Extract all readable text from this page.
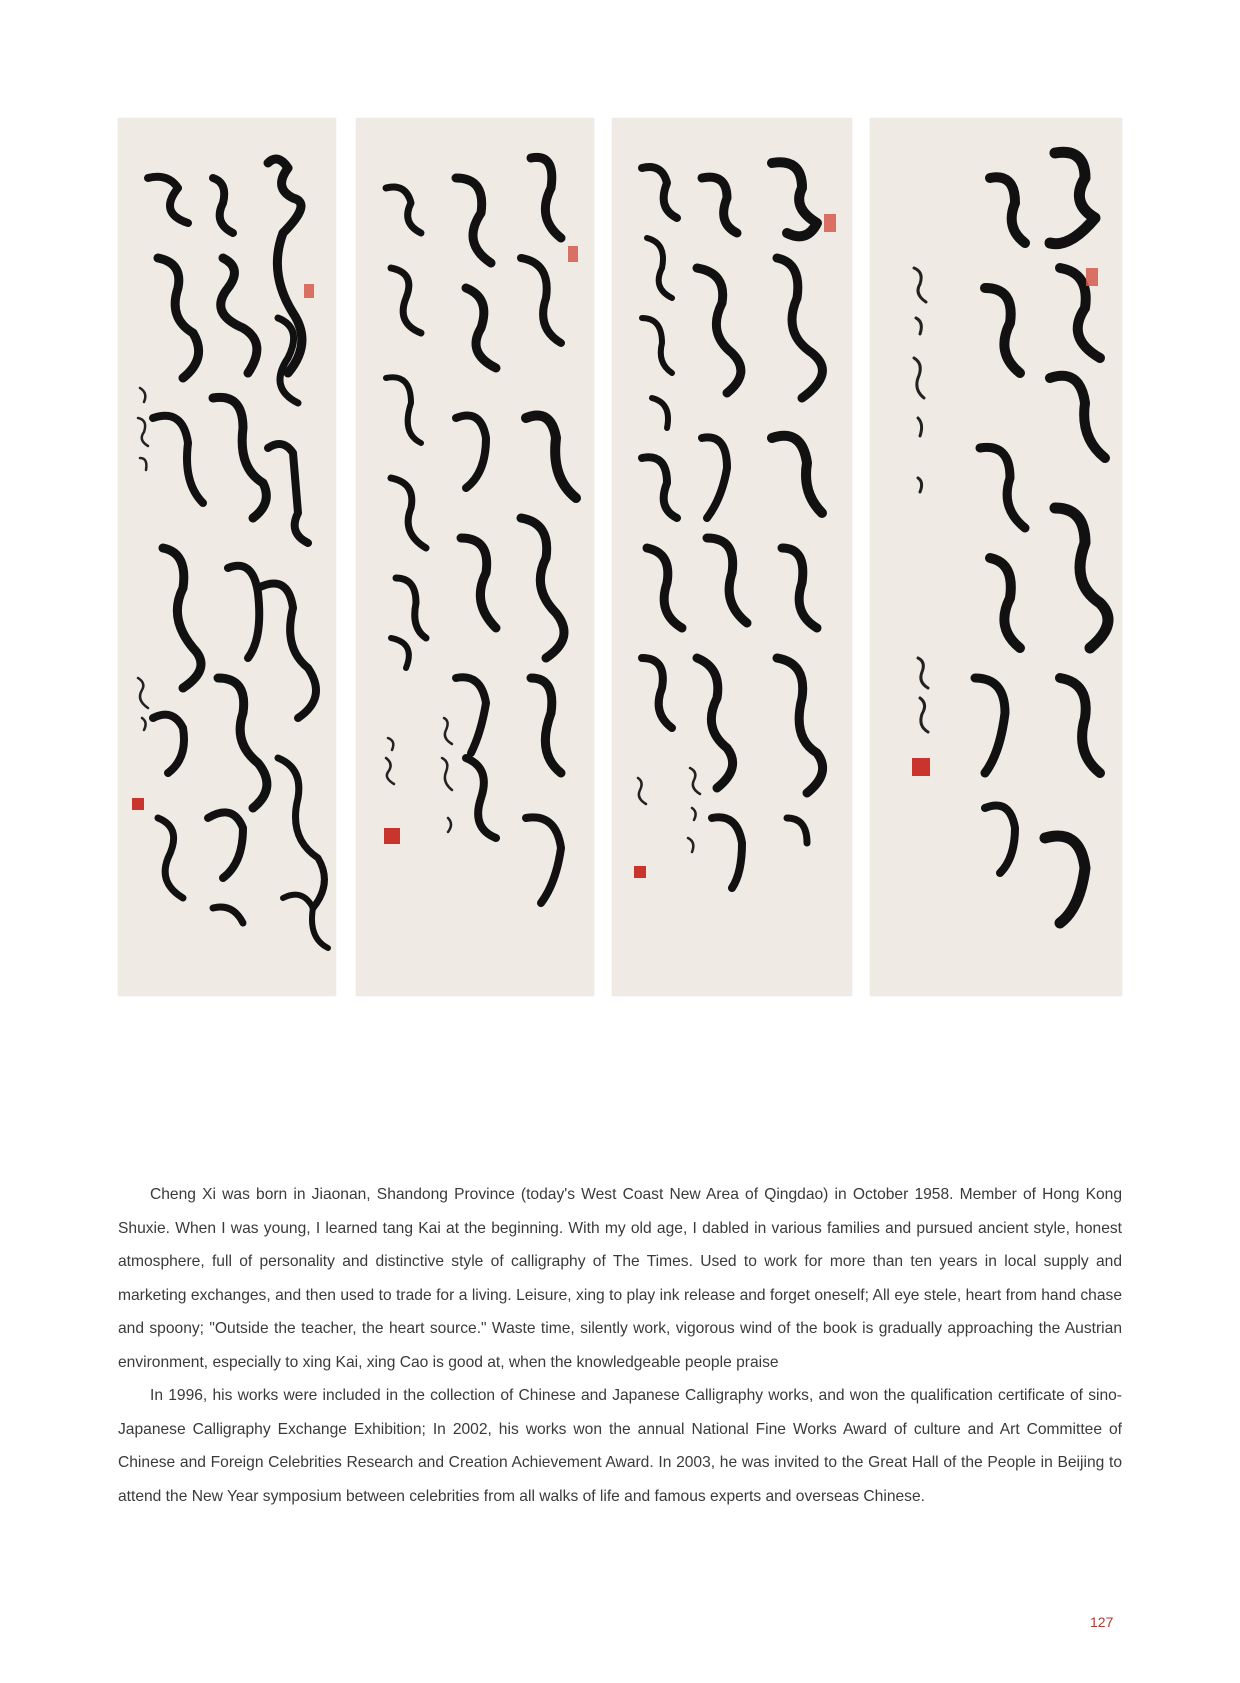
Cheng Xi was born in Jiaonan, Shandong Province (today's West Coast New Area of Qingdao) in October 1958. Member of Hong Kong Shuxie. When I was young, I learned tang Kai at the beginning. With my old age, I dabled in various families and pursued ancient style, honest atmosphere, full of personality and distinctive style of calligraphy of The Times. Used to work for more than ten years in local supply and marketing exchanges, and then used to trade for a living. Leisure, xing to play ink release and forget oneself; All eye stele, heart from hand chase and spoony; "Outside the teacher, the heart source." Waste time, silently work, vigorous wind of the book is gradually approaching the Austrian environment, especially to xing Kai, xing Cao is good at, when the knowledgeable people praise

In 1996, his works were included in the collection of Chinese and Japanese Calligraphy works, and won the qualification certificate of sino-Japanese Calligraphy Exchange Exhibition; In 2002, his works won the annual National Fine Works Award of culture and Art Committee of Chinese and Foreign Celebrities Research and Creation Achievement Award. In 2003, he was invited to the Great Hall of the People in Beijing to attend the New Year symposium between celebrities from all walks of life and famous experts and overseas Chinese.

127
